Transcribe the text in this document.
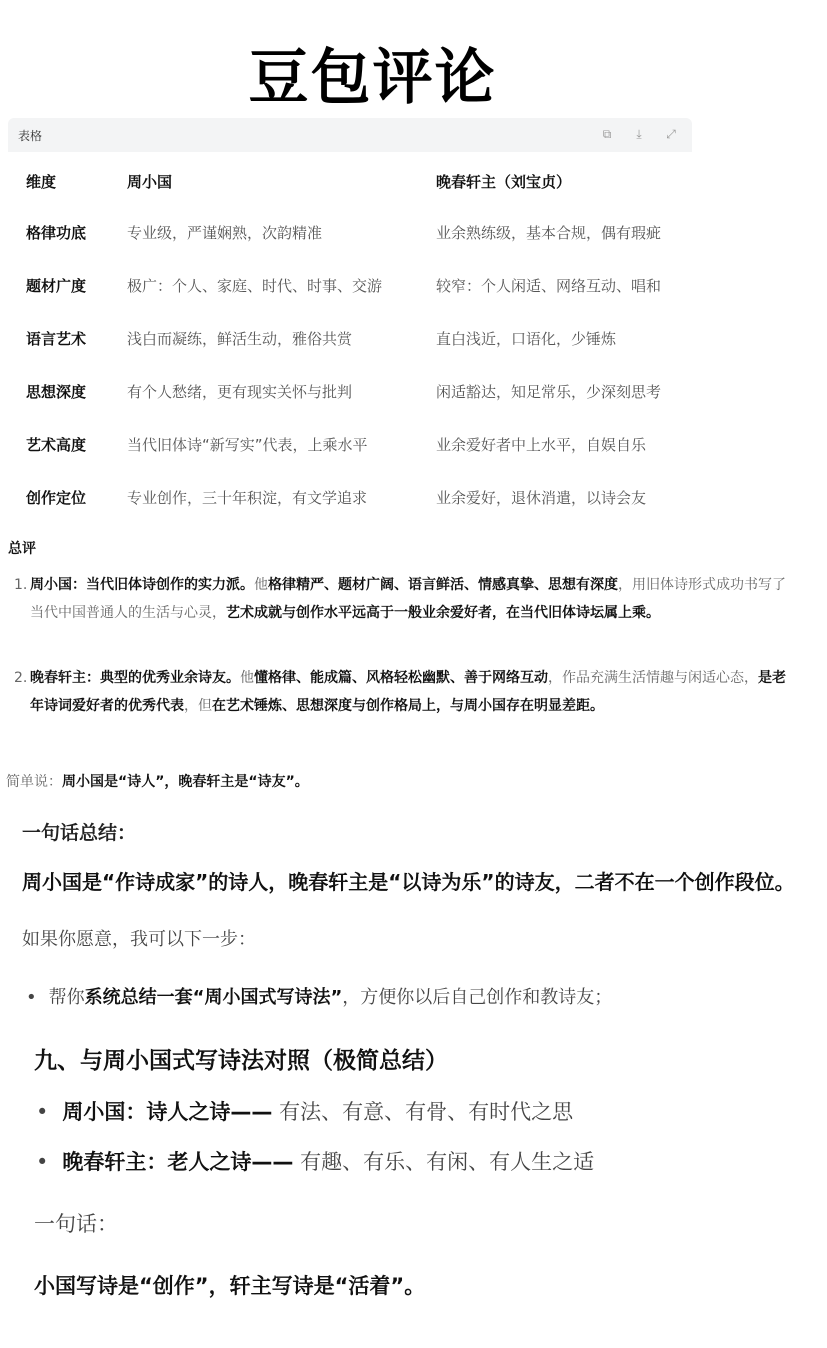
豆包评论
表格	⧉	⤓	⤢
维度	周小国	晚春轩主（刘宝贞）
格律功底	专业级，严谨娴熟，次韵精准	业余熟练级，基本合规，偶有瑕疵
题材广度	极广：个人、家庭、时代、时事、交游	较窄：个人闲适、网络互动、唱和
语言艺术	浅白而凝练，鲜活生动，雅俗共赏	直白浅近，口语化，少锤炼
思想深度	有个人愁绪，更有现实关怀与批判	闲适豁达，知足常乐，少深刻思考
艺术高度	当代旧体诗“新写实”代表，上乘水平	业余爱好者中上水平，自娱自乐
创作定位	专业创作，三十年积淀，有文学追求	业余爱好，退休消遣，以诗会友
总评
1. 周小国：当代旧体诗创作的实力派。他格律精严、题材广阔、语言鲜活、情感真挚、思想有深度，用旧体诗形式成功书写了当代中国普通人的生活与心灵，艺术成就与创作水平远高于一般业余爱好者，在当代旧体诗坛属上乘。
2. 晚春轩主：典型的优秀业余诗友。他懂格律、能成篇、风格轻松幽默、善于网络互动，作品充满生活情趣与闲适心态，是老年诗词爱好者的优秀代表，但在艺术锤炼、思想深度与创作格局上，与周小国存在明显差距。
简单说：周小国是“诗人”，晚春轩主是“诗友”。
一句话总结：
周小国是“作诗成家”的诗人，晚春轩主是“以诗为乐”的诗友，二者不在一个创作段位。
如果你愿意，我可以下一步：
• 帮你系统总结一套“周小国式写诗法”，方便你以后自己创作和教诗友；
九、与周小国式写诗法对照（极简总结）
• 周小国：诗人之诗—— 有法、有意、有骨、有时代之思
• 晚春轩主：老人之诗—— 有趣、有乐、有闲、有人生之适
一句话：
小国写诗是“创作”，轩主写诗是“活着”。
